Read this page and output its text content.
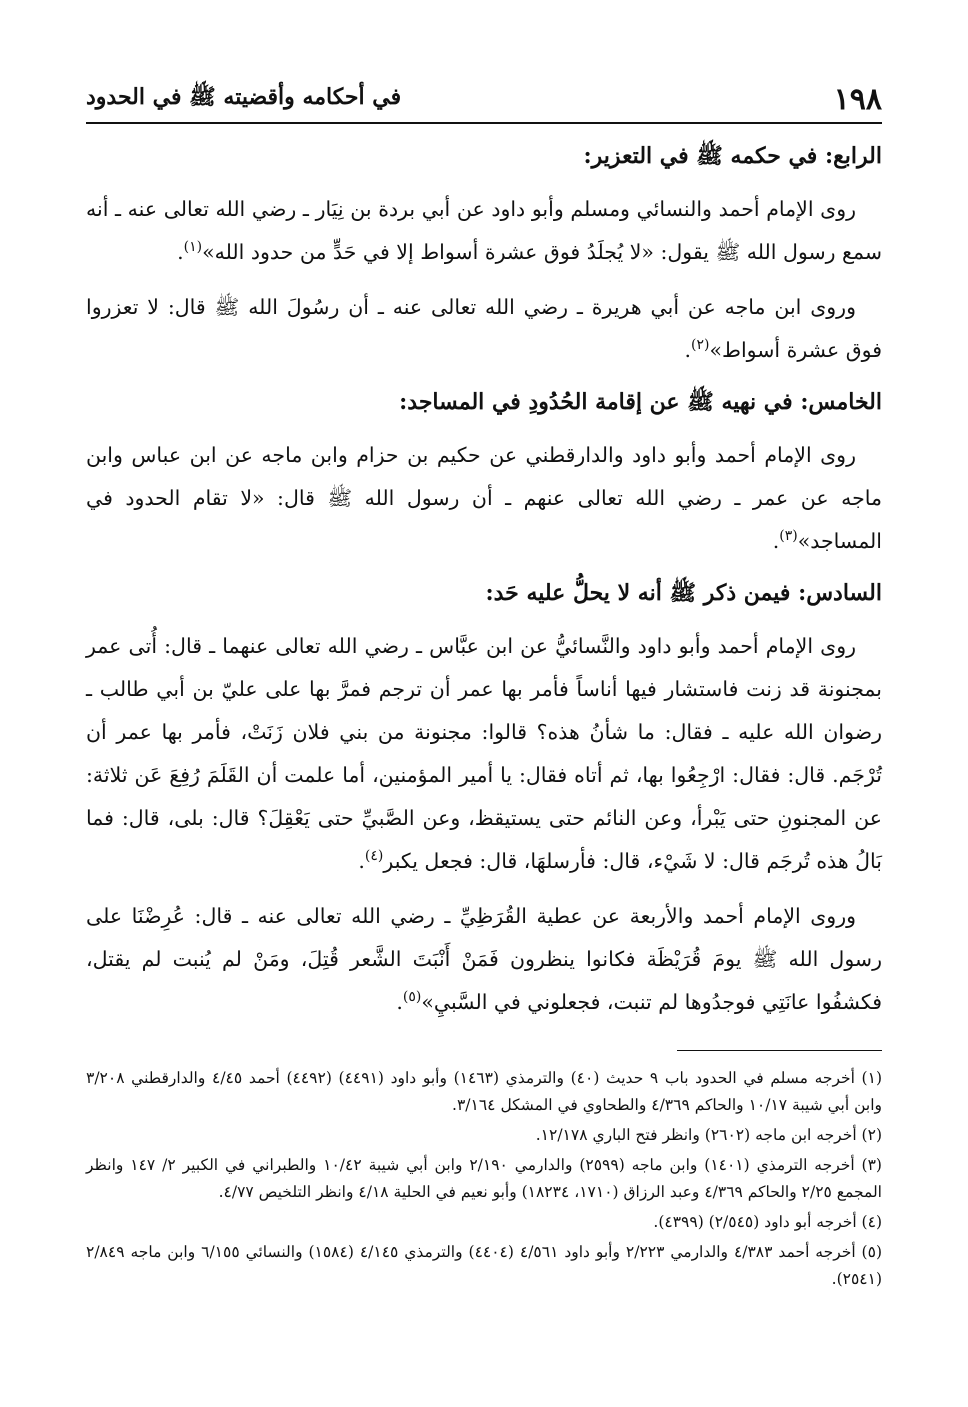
١٩٨
في أحكامه وأقضيته ﷺ في الحدود
الرابع: في حكمه ﷺ في التعزير:

روى الإمام أحمد والنسائي ومسلم وأبو داود عن أبي بردة بن نِيَار ـ رضي الله تعالى عنه ـ أنه سمع رسول الله ﷺ يقول: «لا يُجلَدُ فوق عشرة أسواط إلا في حَدٍّ من حدود الله»$^{(١)}$.

وروى ابن ماجه عن أبي هريرة ـ رضي الله تعالى عنه ـ أن رسُولَ الله ﷺ قال: لا تعزروا فوق عشرة أسواط»$^{(٢)}$.

الخامس: في نهيه ﷺ عن إقامة الحُدُودِ في المساجد:

روى الإمام أحمد وأبو داود والدارقطني عن حكيم بن حزام وابن ماجه عن ابن عباس وابن ماجه عن عمر ـ رضي الله تعالى عنهم ـ أن رسول الله ﷺ قال: «لا تقام الحدود في المساجد»$^{(٣)}$.

السادس: فيمن ذكر ﷺ أنه لا يحلُّ عليه حَد:

روى الإمام أحمد وأبو داود والنَّسائيُّ عن ابن عبَّاس ـ رضي الله تعالى عنهما ـ قال: أُتى عمر بمجنونة قد زنت فاستشار فيها أناساً فأمر بها عمر أن ترجم فمرَّ بها على عليّ بن أبي طالب ـ رضوان الله عليه ـ فقال: ما شأنُ هذه؟ قالوا: مجنونة من بني فلان زَنَتْ، فأمر بها عمر أن تُرْجَم. قال: فقال: ارْجِعُوا بها، ثم أتاه فقال: يا أمير المؤمنين، أما علمت أن القَلَمَ رُفِعَ عَن ثلاثة: عن المجنونِ حتى يَبْرأ، وعن النائم حتى يستيقظ، وعن الصَّبيِّ حتى يَعْقِلَ؟ قال: بلى، قال: فما بَالُ هذه تُرجَم قال: لا شَيْء، قال: فأرسلهَا، قال: فجعل يكبر$^{(٤)}$.

وروى الإمام أحمد والأربعة عن عطية القُرَظِيِّ ـ رضي الله تعالى عنه ـ قال: عُرِضْنَا على رسول الله ﷺ يومَ قُرَيْظَة فكانوا ينظرون فَمَنْ أَنْبَتَ الشَّعر قُتِلَ، ومَنْ لم يُنبت لم يقتل، فكشفُوا عانَتِي فوجدُوها لم تنبت، فجعلوني في السَّبيِ»$^{(٥)}$.

(١) أخرجه مسلم في الحدود باب ٩ حديث (٤٠) والترمذي (١٤٦٣) وأبو داود (٤٤٩١) (٤٤٩٢) أحمد ٤/٤٥ والدارقطني ٣/٢٠٨ وابن أبي شيبة ١٠/١٧ والحاكم ٤/٣٦٩ والطحاوي في المشكل ٣/١٦٤.

(٢) أخرجه ابن ماجه (٢٦٠٢) وانظر فتح الباري ١٢/١٧٨.

(٣) أخرجه الترمذي (١٤٠١) وابن ماجه (٢٥٩٩) والدارمي ٢/١٩٠ وابن أبي شيبة ١٠/٤٢ والطبراني في الكبير ٢/ ١٤٧ وانظر المجمع ٢/٢٥ والحاكم ٤/٣٦٩ وعبد الرزاق (١٧١٠، ١٨٢٣٤) وأبو نعيم في الحلية ٤/١٨ وانظر التلخيص ٤/٧٧.

(٤) أخرجه أبو داود (٢/٥٤٥) (٤٣٩٩).

(٥) أخرجه أحمد ٤/٣٨٣ والدارمي ٢/٢٢٣ وأبو داود ٤/٥٦١ (٤٤٠٤) والترمذي ٤/١٤٥ (١٥٨٤) والنسائي ٦/١٥٥ وابن ماجه ٢/٨٤٩ (٢٥٤١).
